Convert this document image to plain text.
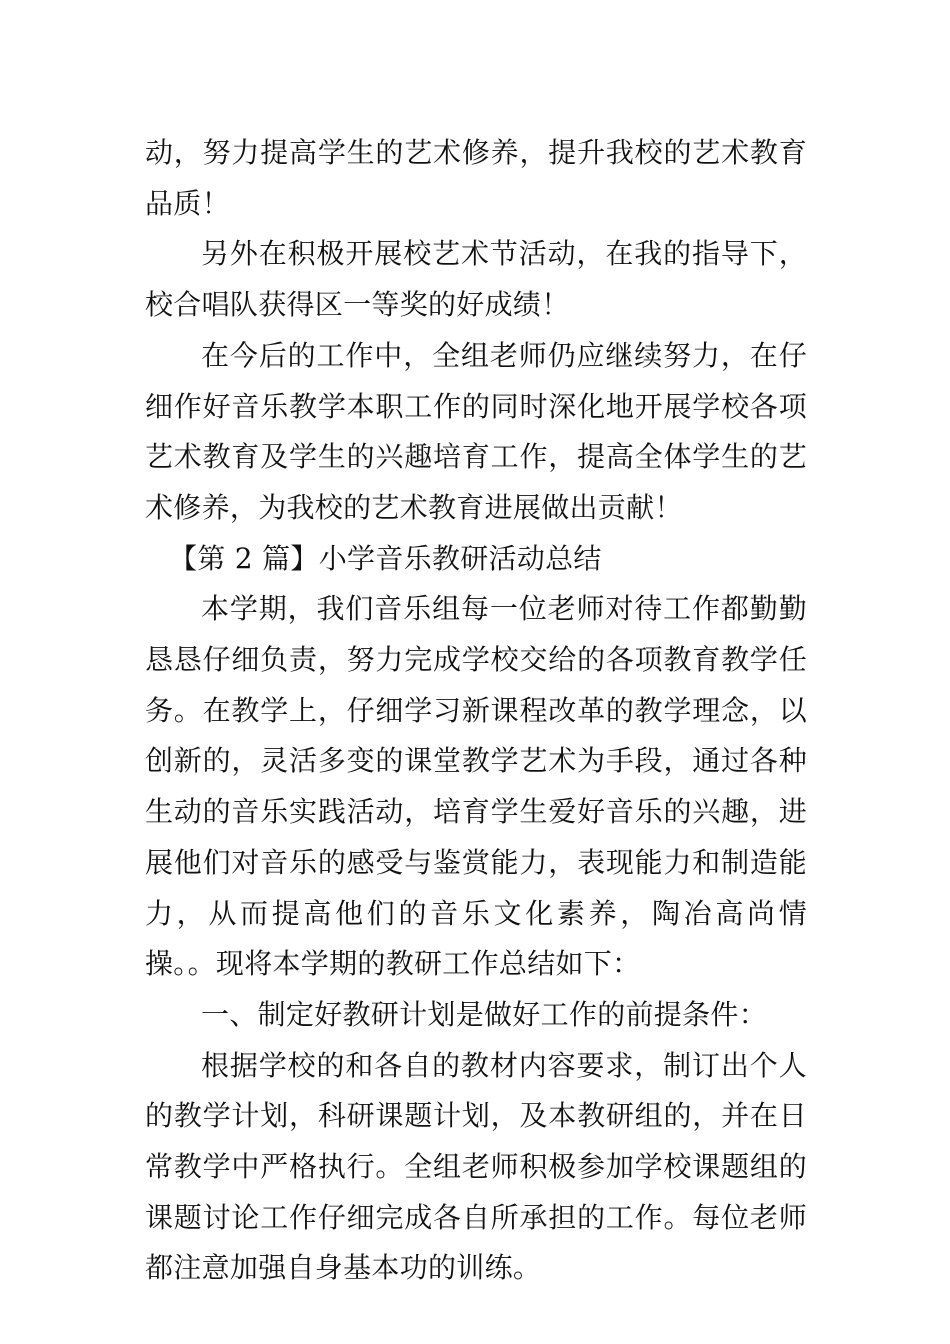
动，努力提高学生的艺术修养，提升我校的艺术教育品质！

另外在积极开展校艺术节活动，在我的指导下，校合唱队获得区一等奖的好成绩！

在今后的工作中，全组老师仍应继续努力，在仔细作好音乐教学本职工作的同时深化地开展学校各项艺术教育及学生的兴趣培育工作，提高全体学生的艺术修养，为我校的艺术教育进展做出贡献！

【第 2 篇】小学音乐教研活动总结

本学期，我们音乐组每一位老师对待工作都勤勤恳恳仔细负责，努力完成学校交给的各项教育教学任务。在教学上，仔细学习新课程改革的教学理念，以创新的，灵活多变的课堂教学艺术为手段，通过各种生动的音乐实践活动，培育学生爱好音乐的兴趣，进展他们对音乐的感受与鉴赏能力，表现能力和制造能力，从而提高他们的音乐文化素养，陶冶高尚情操。。现将本学期的教研工作总结如下：

一、制定好教研计划是做好工作的前提条件：

根据学校的和各自的教材内容要求，制订出个人的教学计划，科研课题计划，及本教研组的，并在日常教学中严格执行。全组老师积极参加学校课题组的课题讨论工作仔细完成各自所承担的工作。每位老师都注意加强自身基本功的训练。
